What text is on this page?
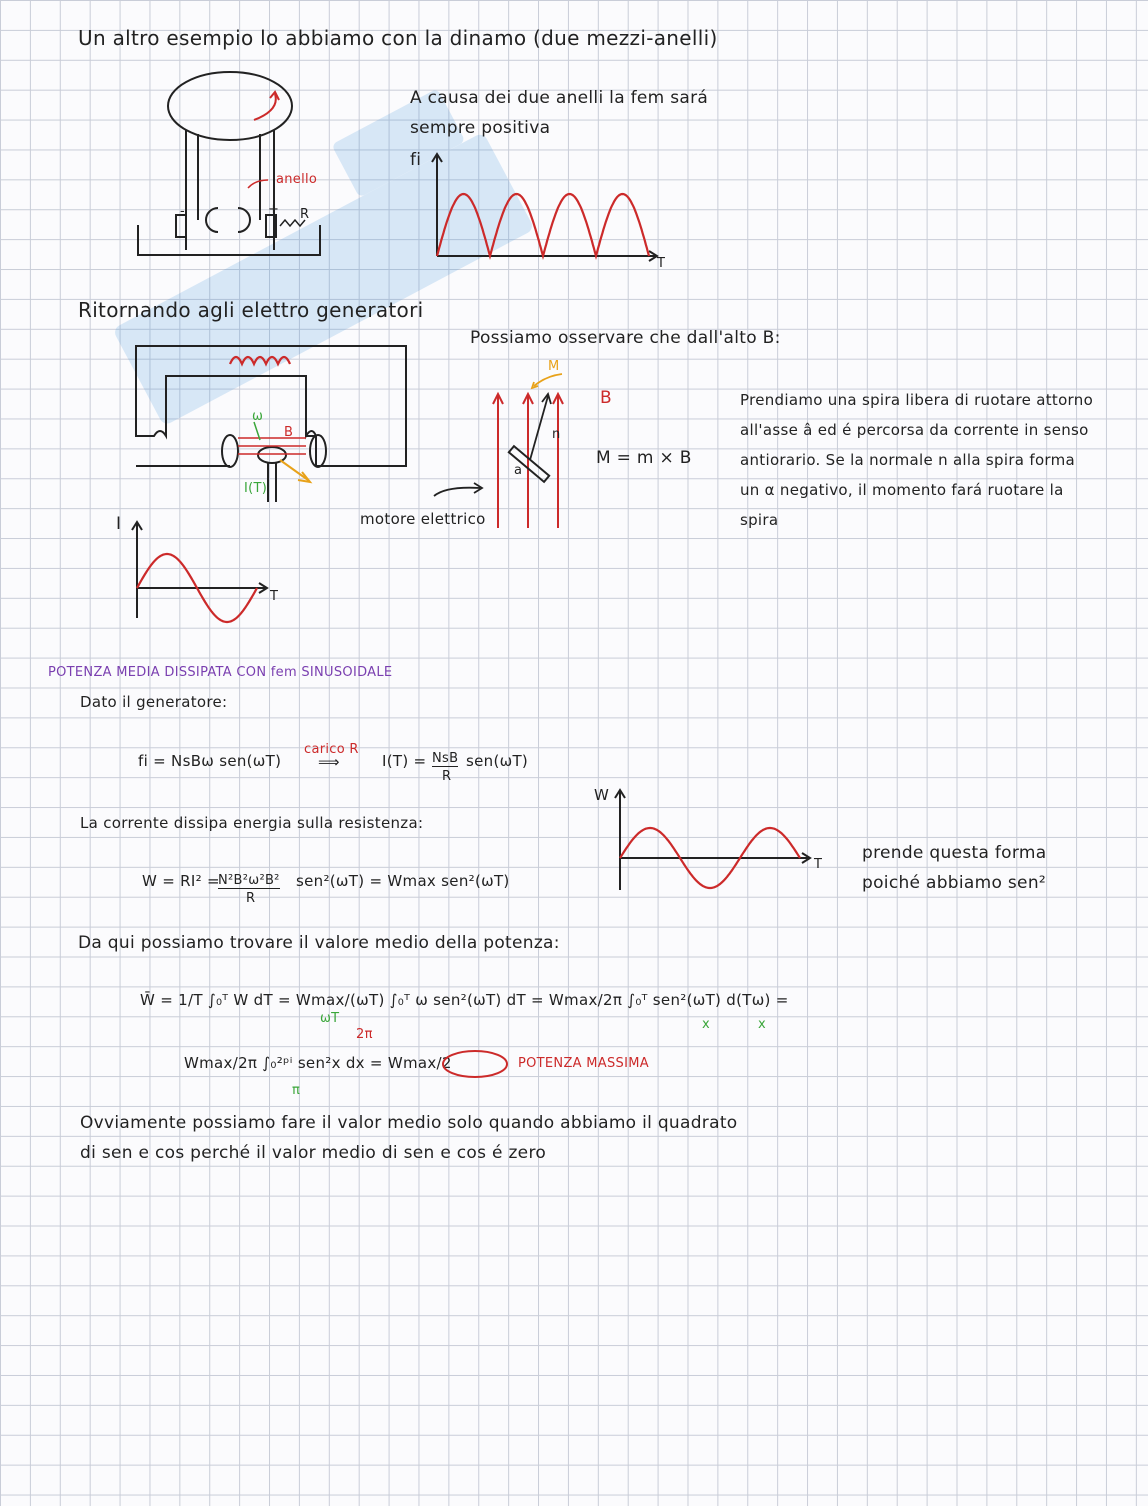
Un altro esempio lo abbiamo con la dinamo (due mezzi-anelli)
anello
-	+ R
A causa dei due anelli la fem sará
sempre positiva
fi
T
Ritornando agli elettro generatori
ω
B
I(T)
I
T
Possiamo osservare che dall'alto B:
M
a
n
B
M = m × B
motore elettrico
Prendiamo una spira libera di ruotare attorno
all'asse â ed é percorsa da corrente in senso
antiorario. Se la normale n alla spira forma
un α negativo, il momento fará ruotare la
spira
POTENZA MEDIA DISSIPATA CON fem SINUSOIDALE
Dato il generatore:
fi = NsBω sen(ωT)
carico R
⟹	I(T) = NsB
R
sen(ωT)
La corrente dissipa energia sulla resistenza:
W = RI² =
N²B²ω²B²
R
sen²(ωT) = Wmax sen²(ωT)
W
T
prende questa forma
poiché abbiamo sen²
Da qui possiamo trovare il valore medio della potenza:
W̄ = 1/T ∫₀ᵀ W dT = Wmax/(ωT) ∫₀ᵀ ω sen²(ωT) dT = Wmax/2π ∫₀ᵀ sen²(ωT) d(Tω) =
ωT
2π
x	x
Wmax/2π ∫₀²ᵖⁱ sen²x dx = Wmax/2
π
POTENZA MASSIMA
Ovviamente possiamo fare il valor medio solo quando abbiamo il quadrato
di sen e cos perché il valor medio di sen e cos é zero
